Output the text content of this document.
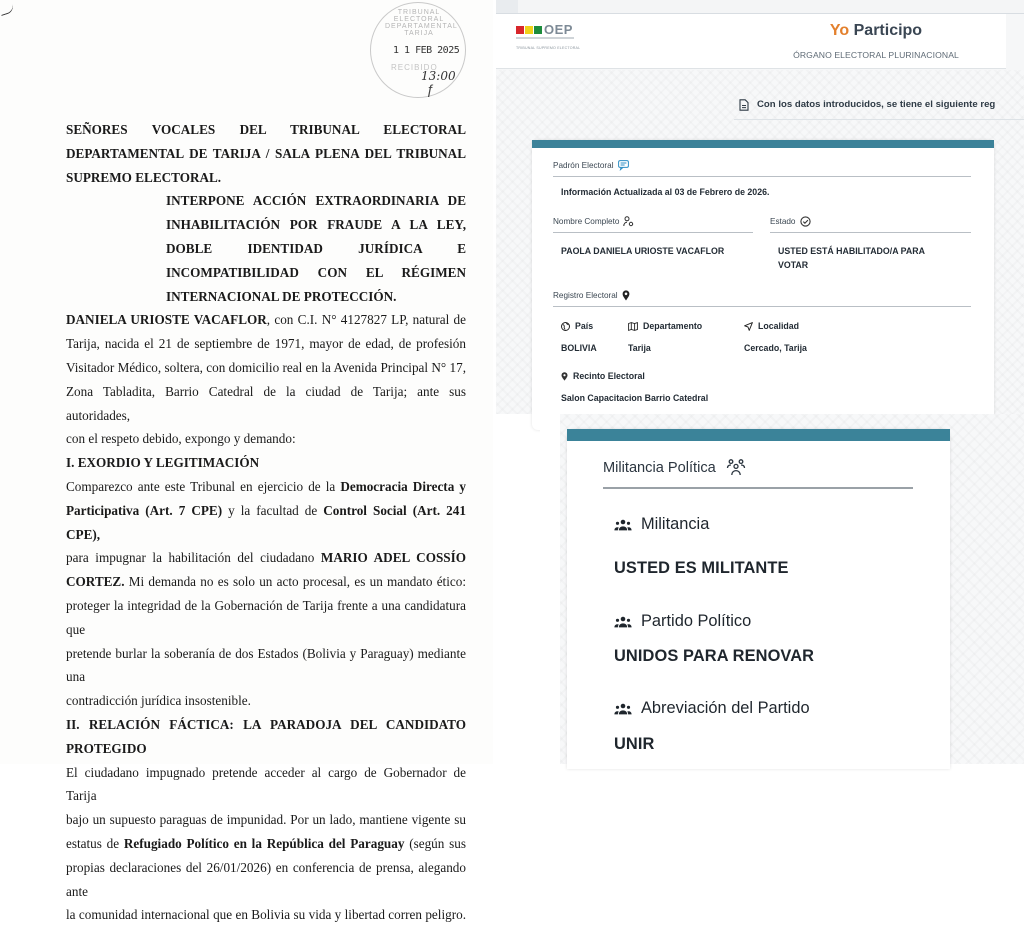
TRIBUNAL ELECTORAL DEPARTAMENTAL TARIJA
1 1 FEB 2025
RECIBIDO
13:00
ƒ
SEÑORES VOCALES DEL TRIBUNAL ELECTORAL
DEPARTAMENTAL DE TARIJA / SALA PLENA DEL TRIBUNAL
SUPREMO ELECTORAL.
INTERPONE ACCIÓN EXTRAORDINARIA DE
INHABILITACIÓN POR FRAUDE A LA LEY,
DOBLE IDENTIDAD JURÍDICA E
INCOMPATIBILIDAD CON EL RÉGIMEN
INTERNACIONAL DE PROTECCIÓN.
DANIELA URIOSTE VACAFLOR, con C.I. N° 4127827 LP, natural de
Tarija, nacida el 21 de septiembre de 1971, mayor de edad, de profesión
Visitador Médico, soltera, con domicilio real en la Avenida Principal N° 17,
Zona Tabladita, Barrio Catedral de la ciudad de Tarija; ante sus autoridades,
con el respeto debido, expongo y demando:
I. EXORDIO Y LEGITIMACIÓN
Comparezco ante este Tribunal en ejercicio de la Democracia Directa y
Participativa (Art. 7 CPE) y la facultad de Control Social (Art. 241 CPE),
para impugnar la habilitación del ciudadano MARIO ADEL COSSÍO
CORTEZ. Mi demanda no es solo un acto procesal, es un mandato ético:
proteger la integridad de la Gobernación de Tarija frente a una candidatura que
pretende burlar la soberanía de dos Estados (Bolivia y Paraguay) mediante una
contradicción jurídica insostenible.
II. RELACIÓN FÁCTICA: LA PARADOJA DEL CANDIDATO
PROTEGIDO
El ciudadano impugnado pretende acceder al cargo de Gobernador de Tarija
bajo un supuesto paraguas de impunidad. Por un lado, mantiene vigente su
estatus de Refugiado Político en la República del Paraguay (según sus
propias declaraciones del 26/01/2026) en conferencia de prensa, alegando ante
la comunidad internacional que en Bolivia su vida y libertad corren peligro.
OEP
TRIBUNAL SUPREMO ELECTORAL
Yo Participo
ÓRGANO ELECTORAL PLURINACIONAL
Con los datos introducidos, se tiene el siguiente reg
Padrón Electoral
Información Actualizada al 03 de Febrero de 2026.
Nombre Completo
PAOLA DANIELA URIOSTE VACAFLOR
Estado
USTED ESTÁ HABILITADO/A PARA
VOTAR
Registro Electoral
País
BOLIVIA
Departamento
Tarija
Localidad
Cercado, Tarija
Recinto Electoral
Salon Capacitacion Barrio Catedral
Militancia Política
Militancia
USTED ES MILITANTE
Partido Político
UNIDOS PARA RENOVAR
Abreviación del Partido
UNIR
